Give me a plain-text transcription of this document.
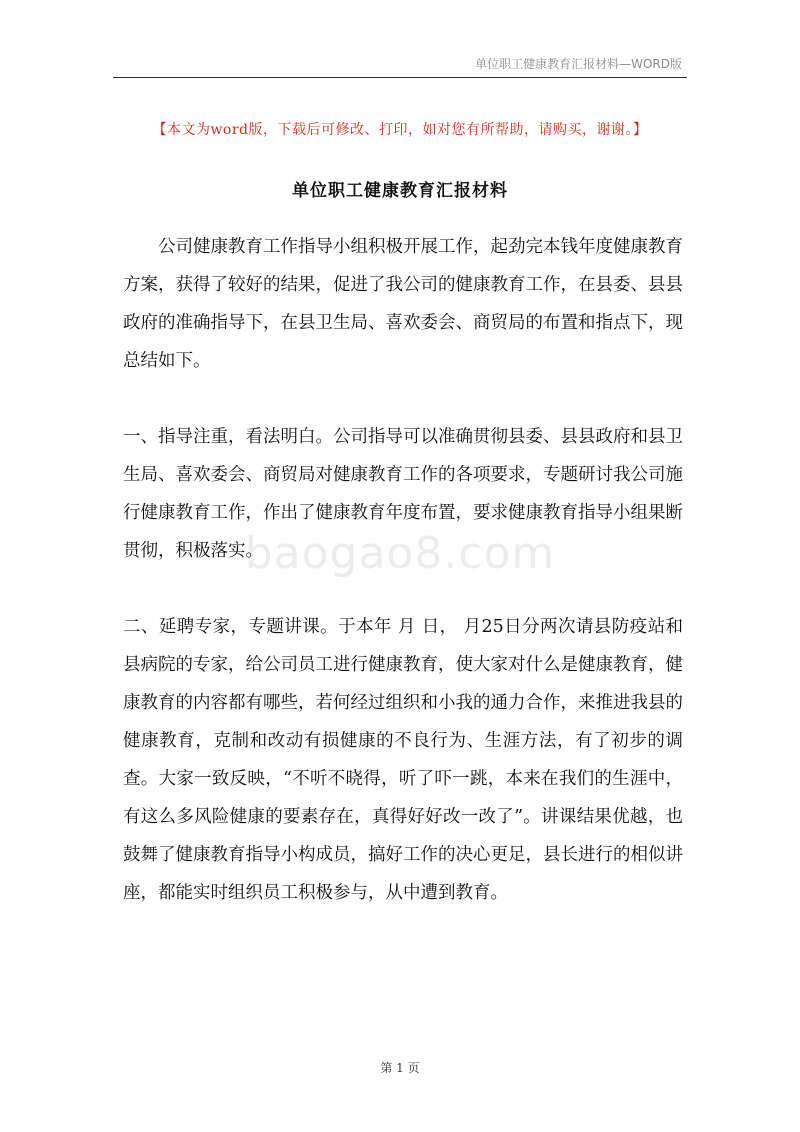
单位职工健康教育汇报材料—WORD版
【本文为word版，下载后可修改、打印，如对您有所帮助，请购买，谢谢。】
单位职工健康教育汇报材料
baogao8.com

公司健康教育工作指导小组积极开展工作，起劲完本钱年度健康教育方案，获得了较好的结果，促进了我公司的健康教育工作，在县委、县县政府的准确指导下，在县卫生局、喜欢委会、商贸局的布置和指点下，现总结如下。

一、指导注重，看法明白。公司指导可以准确贯彻县委、县县政府和县卫生局、喜欢委会、商贸局对健康教育工作的各项要求，专题研讨我公司施行健康教育工作，作出了健康教育年度布置，要求健康教育指导小组果断贯彻，积极落实。

二、延聘专家，专题讲课。于本年 月 日， 月25日分两次请县防疫站和县病院的专家，给公司员工进行健康教育，使大家对什么是健康教育，健康教育的内容都有哪些，若何经过组织和小我的通力合作，来推进我县的健康教育，克制和改动有损健康的不良行为、生涯方法，有了初步的调查。大家一致反映，“不听不晓得，听了吓一跳，本来在我们的生涯中，有这么多风险健康的要素存在，真得好好改一改了”。讲课结果优越，也鼓舞了健康教育指导小构成员，搞好工作的决心更足，县长进行的相似讲座，都能实时组织员工积极参与，从中遭到教育。

第 1 页
